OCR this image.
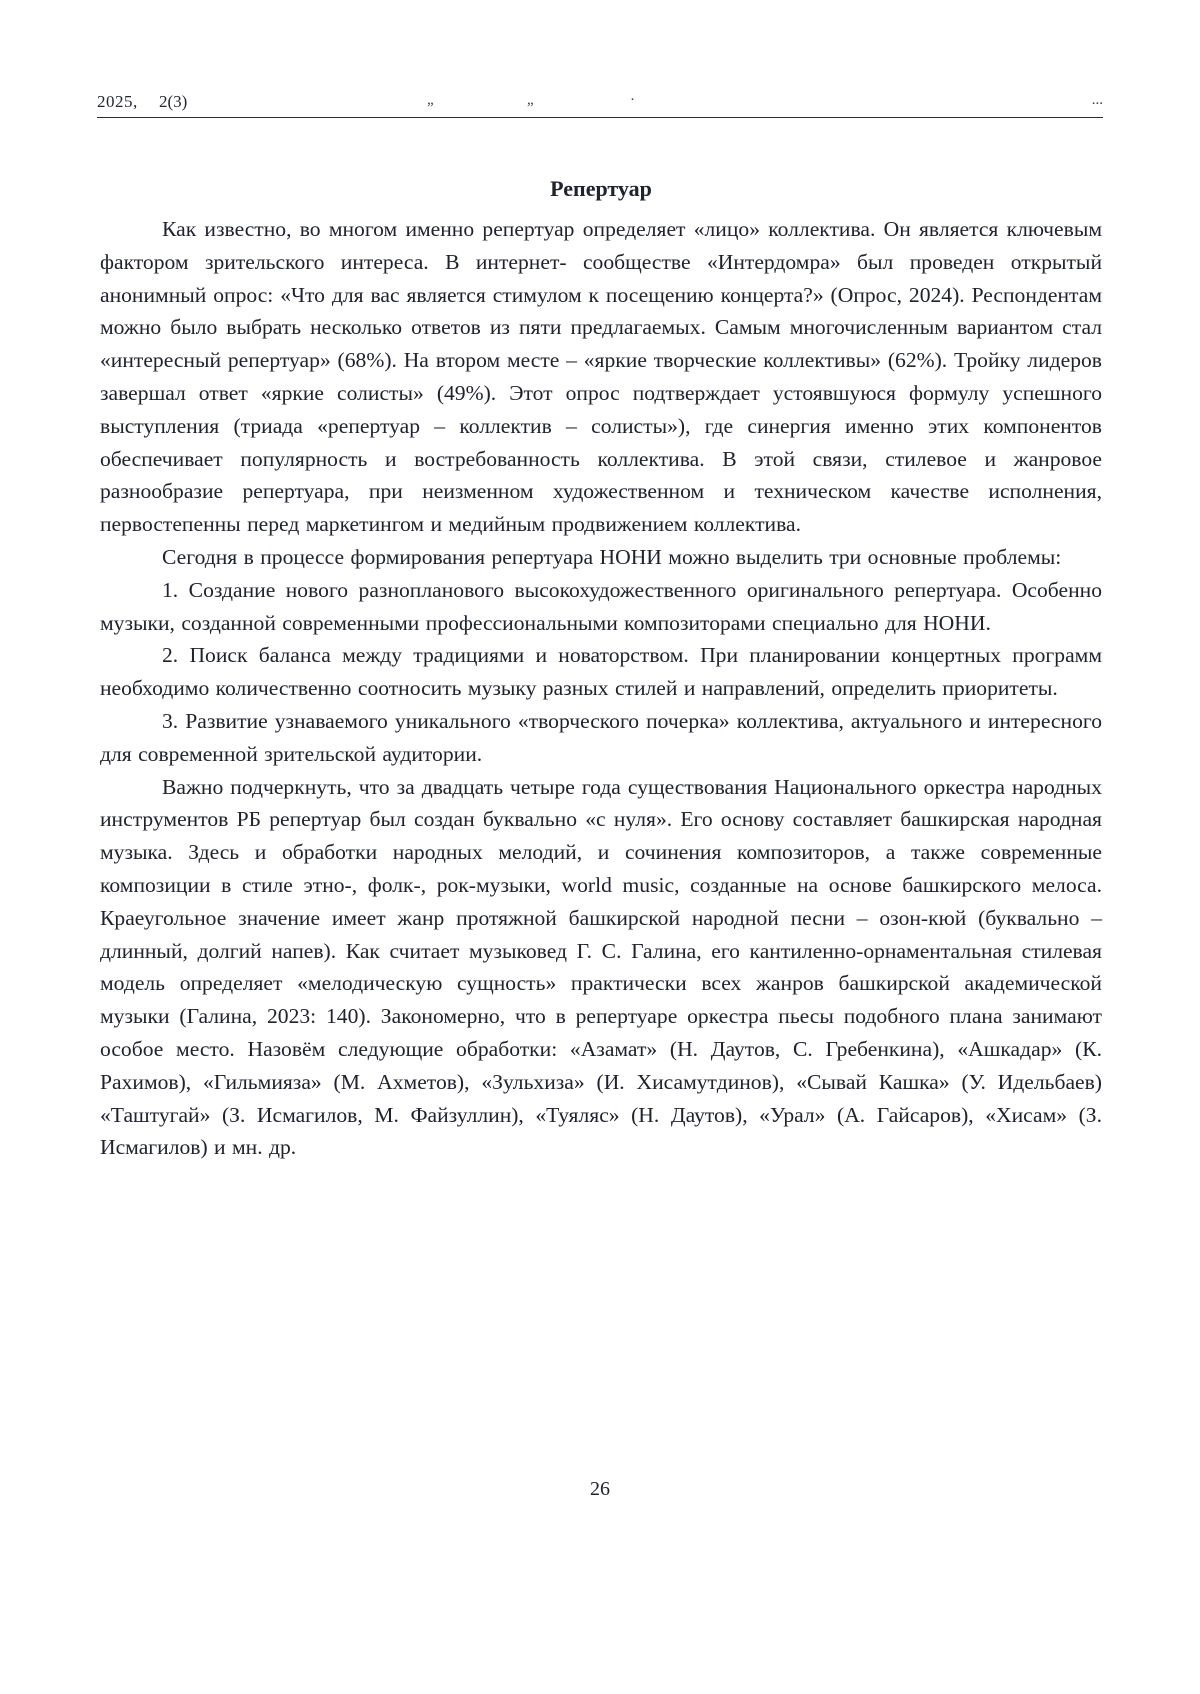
2025, 2(3)	„	„	·	...
Репертуар

Как известно, во многом именно репертуар определяет «лицо» коллектива. Он является ключевым фактором зрительского интереса. В интернет- сообществе «Интердомра» был проведен открытый анонимный опрос: «Что для вас является стимулом к посещению концерта?» (Опрос, 2024). Респондентам можно было выбрать несколько ответов из пяти предлагаемых. Самым многочисленным вариантом стал «интересный репертуар» (68%). На втором месте – «яркие творческие коллективы» (62%). Тройку лидеров завершал ответ «яркие солисты» (49%). Этот опрос подтверждает устоявшуюся формулу успешного выступления (триада «репертуар – коллектив – солисты»), где синергия именно этих компонентов обеспечивает популярность и востребованность коллектива. В этой связи, стилевое и жанровое разнообразие репертуара, при неизменном художественном и техническом качестве исполнения, первостепенны перед маркетингом и медийным продвижением коллектива.

Сегодня в процессе формирования репертуара НОНИ можно выделить три основные проблемы:

1. Создание нового разнопланового высокохудожественного оригинального репертуара. Особенно музыки, созданной современными профессиональными композиторами специально для НОНИ.

2. Поиск баланса между традициями и новаторством. При планировании концертных программ необходимо количественно соотносить музыку разных стилей и направлений, определить приоритеты.

3. Развитие узнаваемого уникального «творческого почерка» коллектива, актуального и интересного для современной зрительской аудитории.

Важно подчеркнуть, что за двадцать четыре года существования Национального оркестра народных инструментов РБ репертуар был создан буквально «с нуля». Его основу составляет башкирская народная музыка. Здесь и обработки народных мелодий, и сочинения композиторов, а также современные композиции в стиле этно-, фолк-, рок-музыки, world music, созданные на основе башкирского мелоса. Краеугольное значение имеет жанр протяжной башкирской народной песни – озон-кюй (буквально – длинный, долгий напев). Как считает музыковед Г. С. Галина, его кантиленно-орнаментальная стилевая модель определяет «мелодическую сущность» практически всех жанров башкирской академической музыки (Галина, 2023: 140). Закономерно, что в репертуаре оркестра пьесы подобного плана занимают особое место. Назовём следующие обработки: «Азамат» (Н. Даутов, С. Гребенкина), «Ашкадар» (К. Рахимов), «Гильмияза» (М. Ахметов), «Зульхиза» (И. Хисамутдинов), «Сывай Кашка» (У. Идельбаев) «Таштугай» (З. Исмагилов, М. Файзуллин), «Туяляс» (Н. Даутов), «Урал» (А. Гайсаров), «Хисам» (З. Исмагилов) и мн. др.

26
